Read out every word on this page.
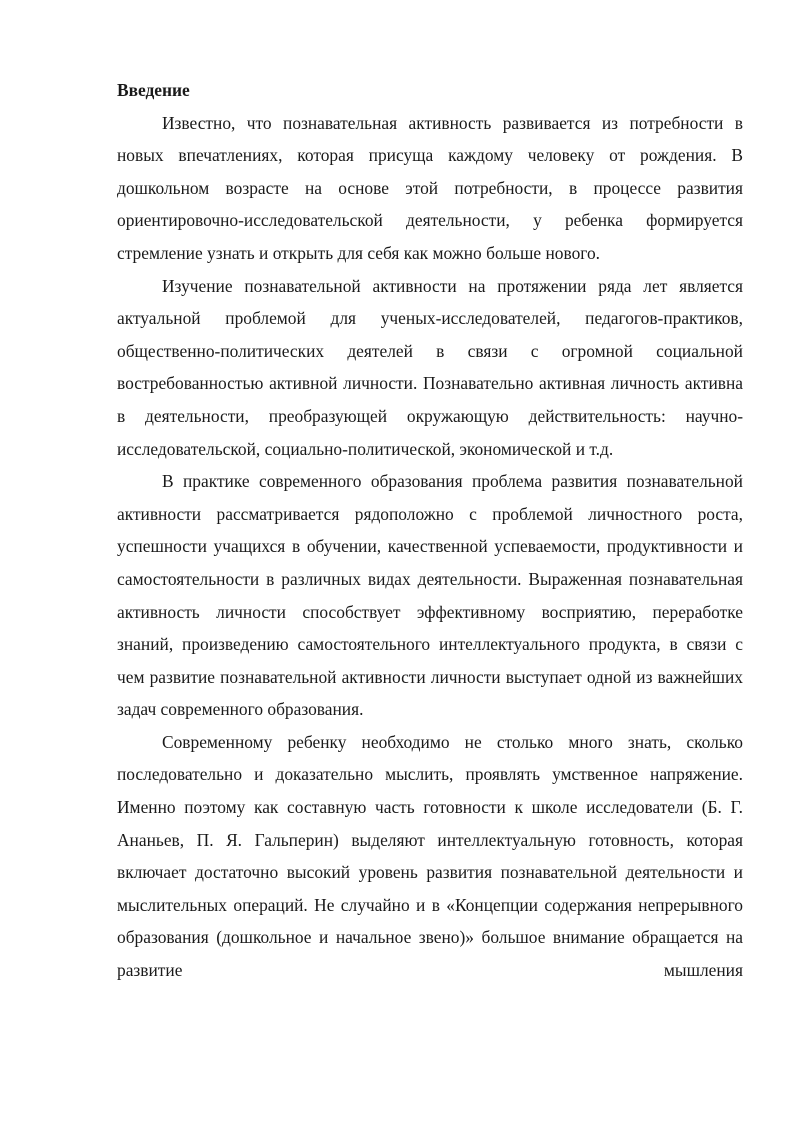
Введение

Известно, что познавательная активность развивается из потребности в новых впечатлениях, которая присуща каждому человеку от рождения. В дошкольном возрасте на основе этой потребности, в процессе развития ориентировочно-исследовательской деятельности, у ребенка формируется стремление узнать и открыть для себя как можно больше нового.

Изучение познавательной активности на протяжении ряда лет является актуальной проблемой для ученых-исследователей, педагогов-практиков, общественно-политических деятелей в связи с огромной социальной востребованностью активной личности. Познавательно активная личность активна в деятельности, преобразующей окружающую действительность: научно-исследовательской, социально-политической, экономической и т.д.

В практике современного образования проблема развития познавательной активности рассматривается рядоположно с проблемой личностного роста, успешности учащихся в обучении, качественной успеваемости, продуктивности и самостоятельности в различных видах деятельности. Выраженная познавательная активность личности способствует эффективному восприятию, переработке знаний, произведению самостоятельного интеллектуального продукта, в связи с чем развитие познавательной активности личности выступает одной из важнейших задач современного образования.

Современному ребенку необходимо не столько много знать, сколько последовательно и доказательно мыслить, проявлять умственное напряжение. Именно поэтому как составную часть готовности к школе исследователи (Б. Г. Ананьев, П. Я. Гальперин) выделяют интеллектуальную готовность, которая включает достаточно высокий уровень развития познавательной деятельности и мыслительных операций. Не случайно и в «Концепции содержания непрерывного образования (дошкольное и начальное звено)» большое внимание обращается на развитие мышления
